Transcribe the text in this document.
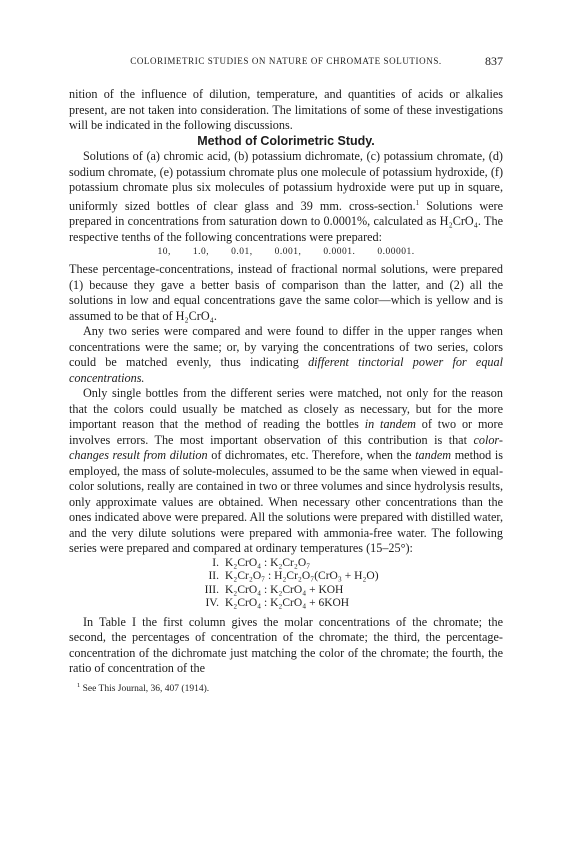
COLORIMETRIC STUDIES ON NATURE OF CHROMATE SOLUTIONS.	837

nition of the influence of dilution, temperature, and quantities of acids or alkalies present, are not taken into consideration. The limitations of some of these investigations will be indicated in the following discussions.

Method of Colorimetric Study.

Solutions of (a) chromic acid, (b) potassium dichromate, (c) potassium chromate, (d) sodium chromate, (e) potassium chromate plus one molecule of potassium hydroxide, (f) potassium chromate plus six molecules of potassium hydroxide were put up in square, uniformly sized bottles of clear glass and 39 mm. cross-section.$^1$ Solutions were prepared in concentrations from saturation down to 0.0001%, calculated as H₂CrO₄. The respective tenths of the following concentrations were prepared:

10, 1.0, 0.01, 0.001, 0.0001. 0.00001.

These percentage-concentrations, instead of fractional normal solutions, were prepared (1) because they gave a better basis of comparison than the latter, and (2) all the solutions in low and equal concentrations gave the same color—which is yellow and is assumed to be that of H₂CrO₄.

Any two series were compared and were found to differ in the upper ranges when concentrations were the same; or, by varying the concentrations of two series, colors could be matched evenly, thus indicating different tinctorial power for equal concentrations.

Only single bottles from the different series were matched, not only for the reason that the colors could usually be matched as closely as necessary, but for the more important reason that the method of reading the bottles in tandem of two or more involves errors. The most important observation of this contribution is that color-changes result from dilution of dichromates, etc. Therefore, when the tandem method is employed, the mass of solute-molecules, assumed to be the same when viewed in equal-color solutions, really are contained in two or three volumes and since hydrolysis results, only approximate values are obtained. When necessary other concentrations than the ones indicated above were prepared. All the solutions were prepared with distilled water, and the very dilute solutions were prepared with ammonia-free water. The following series were prepared and compared at ordinary temperatures (15–25°):

I. K₂CrO₄ : K₂Cr₂O₇
II. K₂Cr₂O₇ : H₂Cr₂O₇(CrO₃ + H₂O)
III. K₂CrO₄ : K₂CrO₄ + KOH
IV. K₂CrO₄ : K₂CrO₄ + 6KOH

In Table I the first column gives the molar concentrations of the chromate; the second, the percentages of concentration of the chromate; the third, the percentage-concentration of the dichromate just matching the color of the chromate; the fourth, the ratio of concentration of the

$^1$ See This Journal, 36, 407 (1914).
